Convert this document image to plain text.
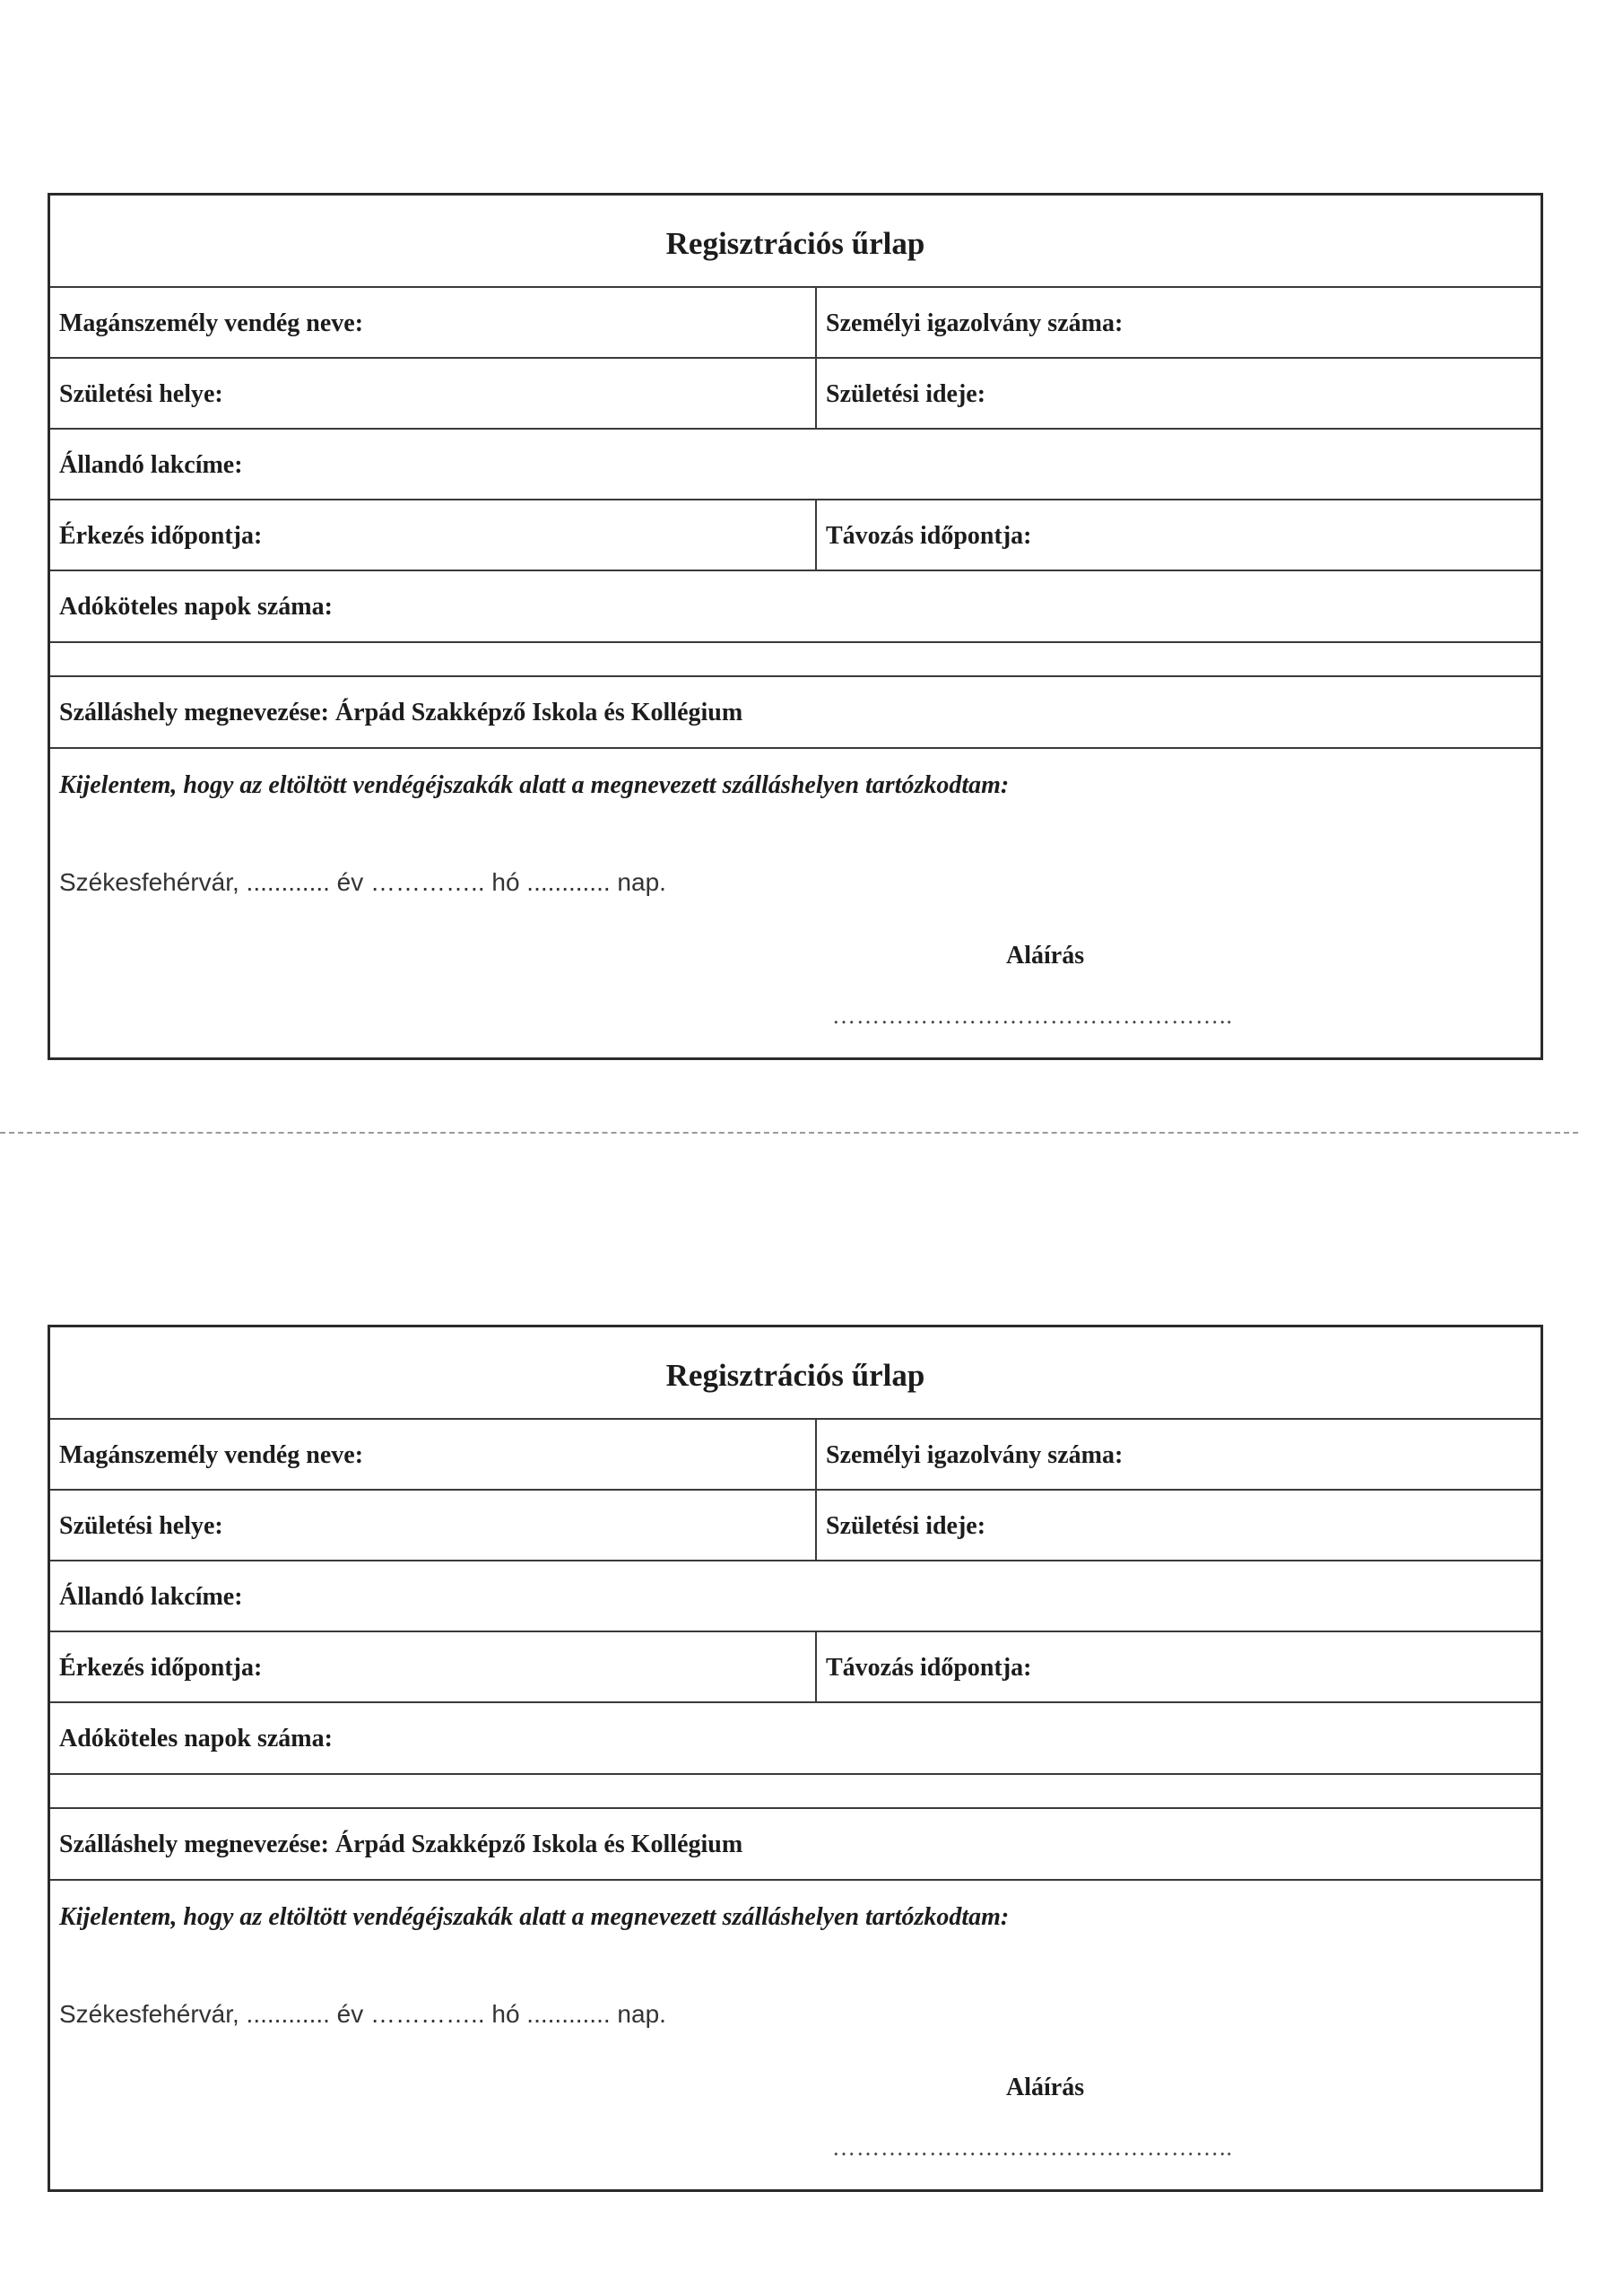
Regisztrációs űrlap
Magánszemély vendég neve:	Személyi igazolvány száma:
Születési helye:	Születési ideje:
Állandó lakcíme:
Érkezés időpontja:	Távozás időpontja:
Adóköteles napok száma:
Szálláshely megnevezése: Árpád Szakképző Iskola és Kollégium
Kijelentem, hogy az eltöltött vendégéjszakák alatt a megnevezett szálláshelyen tartózkodtam:
Székesfehérvár, ............ év ………….. hó ............ nap.
Aláírás
…………………………………………..
Regisztrációs űrlap
Magánszemély vendég neve:	Személyi igazolvány száma:
Születési helye:	Születési ideje:
Állandó lakcíme:
Érkezés időpontja:	Távozás időpontja:
Adóköteles napok száma:
Szálláshely megnevezése: Árpád Szakképző Iskola és Kollégium
Kijelentem, hogy az eltöltött vendégéjszakák alatt a megnevezett szálláshelyen tartózkodtam:
Székesfehérvár, ............ év ………….. hó ............ nap.
Aláírás
…………………………………………..
